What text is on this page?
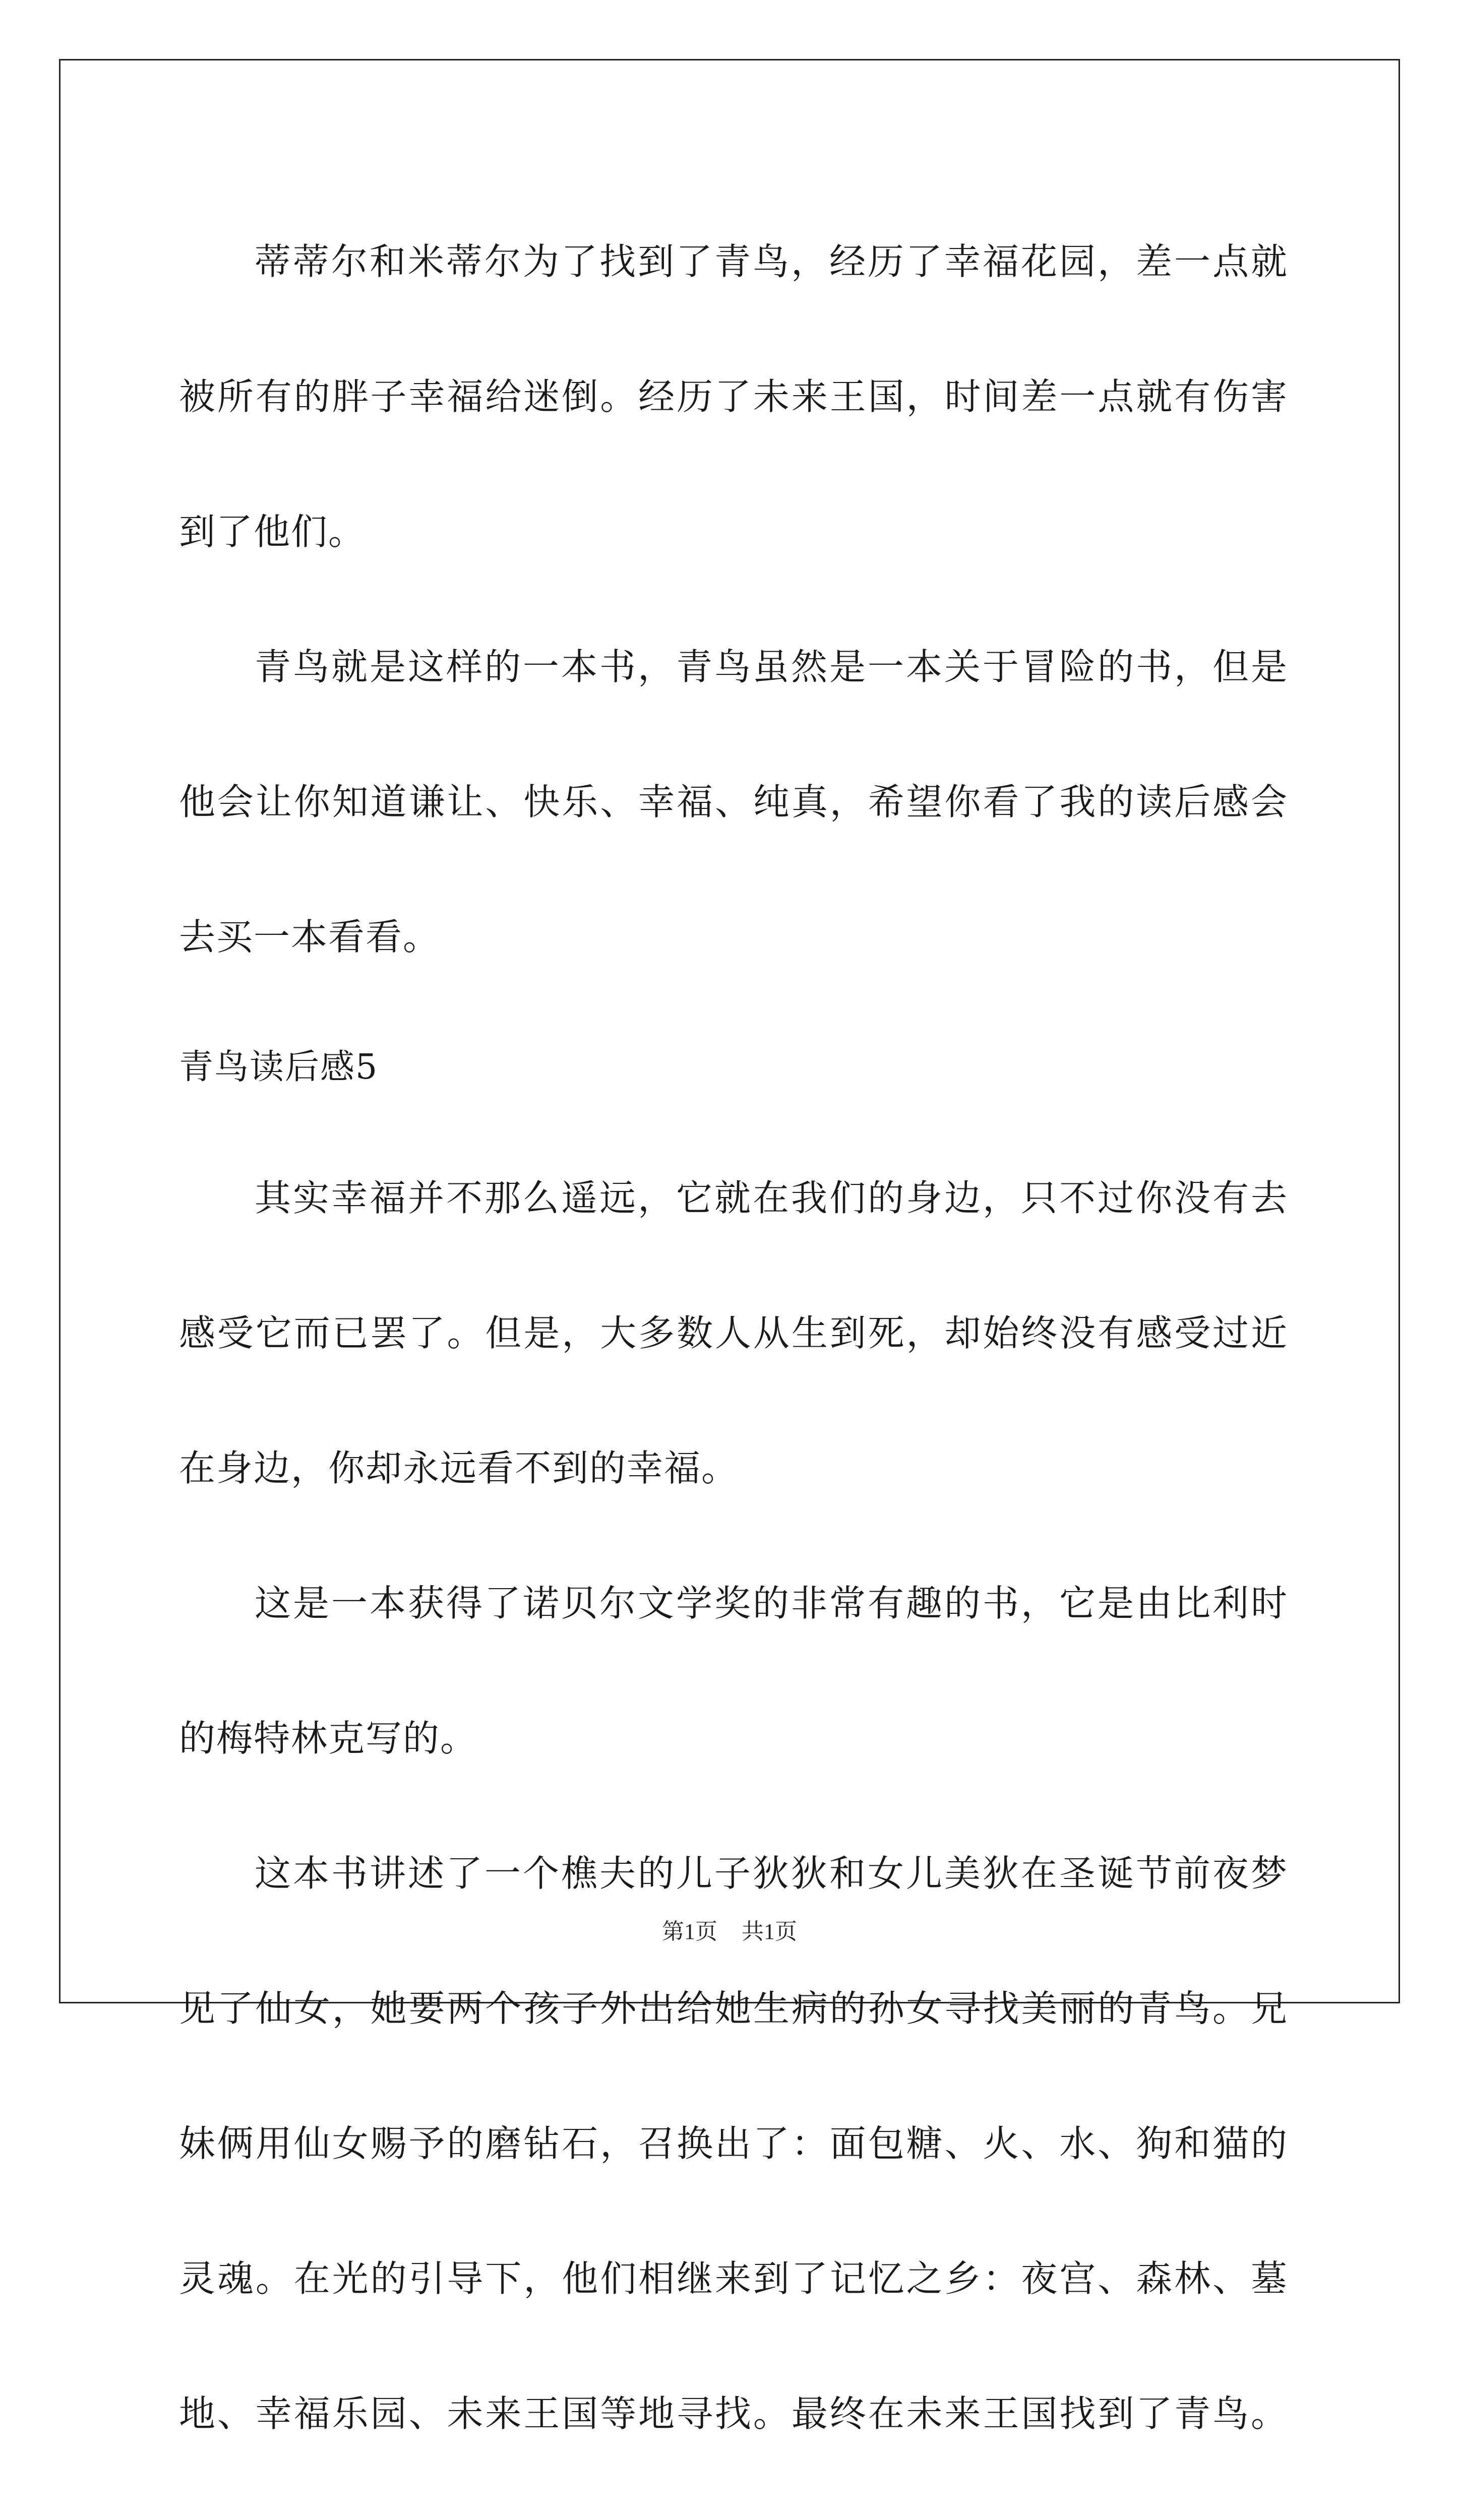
蒂蒂尔和米蒂尔为了找到了青鸟，经历了幸福花园，差一点就被所有的胖子幸福给迷倒。经历了未来王国，时间差一点就有伤害到了他们。

青鸟就是这样的一本书，青鸟虽然是一本关于冒险的书，但是他会让你知道谦让、快乐、幸福、纯真，希望你看了我的读后感会去买一本看看。

青鸟读后感5

其实幸福并不那么遥远，它就在我们的身边，只不过你没有去感受它而已罢了。但是，大多数人从生到死，却始终没有感受过近在身边，你却永远看不到的幸福。

这是一本获得了诺贝尔文学奖的非常有趣的书，它是由比利时的梅特林克写的。

这本书讲述了一个樵夫的儿子狄狄和女儿美狄在圣诞节前夜梦见了仙女，她要两个孩子外出给她生病的孙女寻找美丽的青鸟。兄妹俩用仙女赐予的磨钻石，召换出了：面包糖、火、水、狗和猫的灵魂。在光的引导下，他们相继来到了记忆之乡：夜宫、森林、墓地、幸福乐园、未来王国等地寻找。最终在未来王国找到了青鸟。

第1页 共1页
